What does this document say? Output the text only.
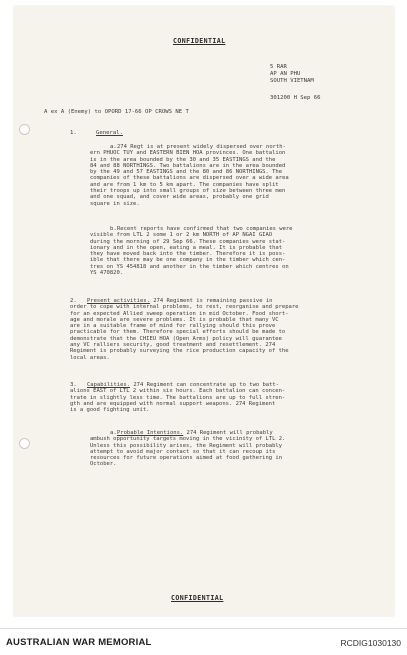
CONFIDENTIAL
5 RAR
AP AN PHU
SOUTH VIETNAM
301200 H Sep 66
A ex A (Enemy) to OPORD 17-66 OP CROWS NE T
1.	General.
a. 274 Regt is at present widely dispersed over north-
ern PHUOC TUY and EASTERN BIEN HOA provinces. One battalion
is in the area bounded by the 30 and 35 EASTINGS and the
84 and 88 NORTHINGS. Two battalions are in the area bounded
by the 49 and 57 EASTINGS and the 80 and 86 NORTHINGS. The
companies of these battalions are dispersed over a wide area
and are from 1 km to 5 km apart. The companies have split
their troops up into small groups of size between three men
and one squad, and cover wide areas, probably one grid
square in size.
b. Recent reports have confirmed that two companies were
visible from LTL 2 some 1 or 2 km NORTH of AP NGAI GIAO
during the morning of 29 Sep 66. These companies were stat-
ionary and in the open, eating a meal. It is probable that
they have moved back into the timber. Therefore it is poss-
ible that there may be one company in the timber which cen-
tres on YS 454818 and another in the timber which centres on
YS 470820.
2.	Present activities. 274 Regiment is remaining passive in
order to cope with internal problems, to rest, reorganise and prepare
for an expected Allied sweep operation in mid October. Food short-
age and morale are severe problems. It is probable that many VC
are in a suitable frame of mind for rallying should this prove
practicable for them. Therefore special efforts should be made to
demonstrate that the CHIEU HOA (Open Arms) policy will guarantee
any VC ralliers security, good treatment and resettlement. 274
Regiment is probably surveying the rice production capacity of the
local areas.
3.	Capabilities. 274 Regiment can concentrate up to two batt-
alions EAST of LTL 2 within six hours. Each battalion can concen-
trate in slightly less time. The battalions are up to full stren-
gth and are equipped with normal support weapons. 274 Regiment
is a good fighting unit.
a. Probable Intentions. 274 Regiment will probably
ambush opportunity targets moving in the vicinity of LTL 2.
Unless this possibility arises, the Regiment will probably
attempt to avoid major contact so that it can recoup its
resources for future operations aimed at food gathering in
October.
CONFIDENTIAL
AUSTRALIAN WAR MEMORIAL	RCDIG1030130
